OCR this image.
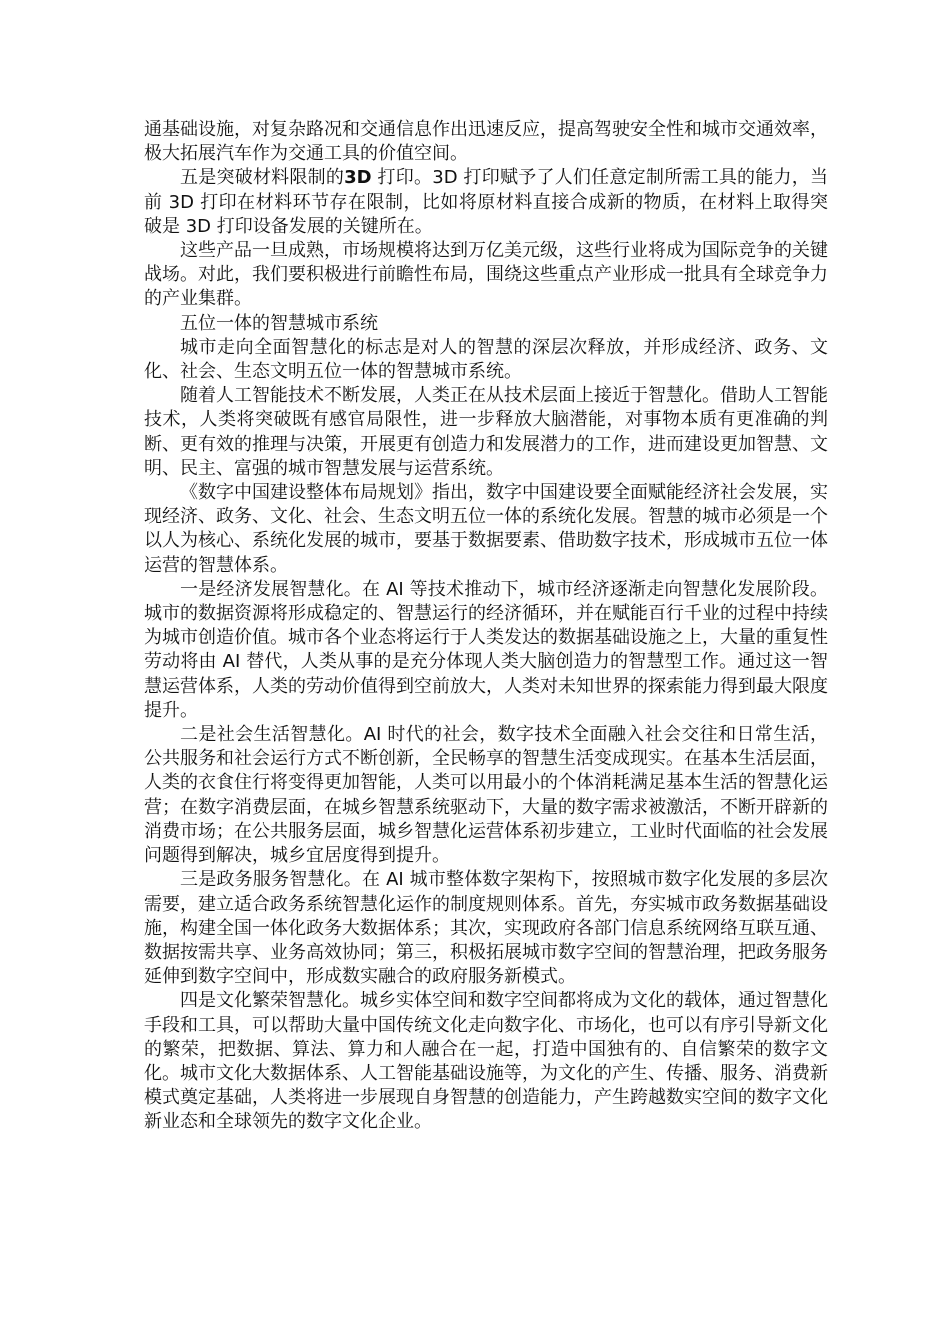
通基础设施，对复杂路况和交通信息作出迅速反应，提高驾驶安全性和城市交通效率，极大拓展汽车作为交通工具的价值空间。

五是突破材料限制的3D 打印。3D 打印赋予了人们任意定制所需工具的能力，当前 3D 打印在材料环节存在限制，比如将原材料直接合成新的物质，在材料上取得突破是 3D 打印设备发展的关键所在。

这些产品一旦成熟，市场规模将达到万亿美元级，这些行业将成为国际竞争的关键战场。对此，我们要积极进行前瞻性布局，围绕这些重点产业形成一批具有全球竞争力的产业集群。

五位一体的智慧城市系统

城市走向全面智慧化的标志是对人的智慧的深层次释放，并形成经济、政务、文化、社会、生态文明五位一体的智慧城市系统。

随着人工智能技术不断发展，人类正在从技术层面上接近于智慧化。借助人工智能技术，人类将突破既有感官局限性，进一步释放大脑潜能，对事物本质有更准确的判断、更有效的推理与决策，开展更有创造力和发展潜力的工作，进而建设更加智慧、文明、民主、富强的城市智慧发展与运营系统。

《数字中国建设整体布局规划》指出，数字中国建设要全面赋能经济社会发展，实现经济、政务、文化、社会、生态文明五位一体的系统化发展。智慧的城市必须是一个以人为核心、系统化发展的城市，要基于数据要素、借助数字技术，形成城市五位一体运营的智慧体系。

一是经济发展智慧化。在 AI 等技术推动下，城市经济逐渐走向智慧化发展阶段。城市的数据资源将形成稳定的、智慧运行的经济循环，并在赋能百行千业的过程中持续为城市创造价值。城市各个业态将运行于人类发达的数据基础设施之上，大量的重复性劳动将由 AI 替代，人类从事的是充分体现人类大脑创造力的智慧型工作。通过这一智慧运营体系，人类的劳动价值得到空前放大，人类对未知世界的探索能力得到最大限度提升。

二是社会生活智慧化。AI 时代的社会，数字技术全面融入社会交往和日常生活，公共服务和社会运行方式不断创新，全民畅享的智慧生活变成现实。在基本生活层面，人类的衣食住行将变得更加智能，人类可以用最小的个体消耗满足基本生活的智慧化运营；在数字消费层面，在城乡智慧系统驱动下，大量的数字需求被激活，不断开辟新的消费市场；在公共服务层面，城乡智慧化运营体系初步建立，工业时代面临的社会发展问题得到解决，城乡宜居度得到提升。

三是政务服务智慧化。在 AI 城市整体数字架构下，按照城市数字化发展的多层次需要，建立适合政务系统智慧化运作的制度规则体系。首先，夯实城市政务数据基础设施，构建全国一体化政务大数据体系；其次，实现政府各部门信息系统网络互联互通、数据按需共享、业务高效协同；第三，积极拓展城市数字空间的智慧治理，把政务服务延伸到数字空间中，形成数实融合的政府服务新模式。

四是文化繁荣智慧化。城乡实体空间和数字空间都将成为文化的载体，通过智慧化手段和工具，可以帮助大量中国传统文化走向数字化、市场化，也可以有序引导新文化的繁荣，把数据、算法、算力和人融合在一起，打造中国独有的、自信繁荣的数字文化。城市文化大数据体系、人工智能基础设施等，为文化的产生、传播、服务、消费新模式奠定基础，人类将进一步展现自身智慧的创造能力，产生跨越数实空间的数字文化新业态和全球领先的数字文化企业。
